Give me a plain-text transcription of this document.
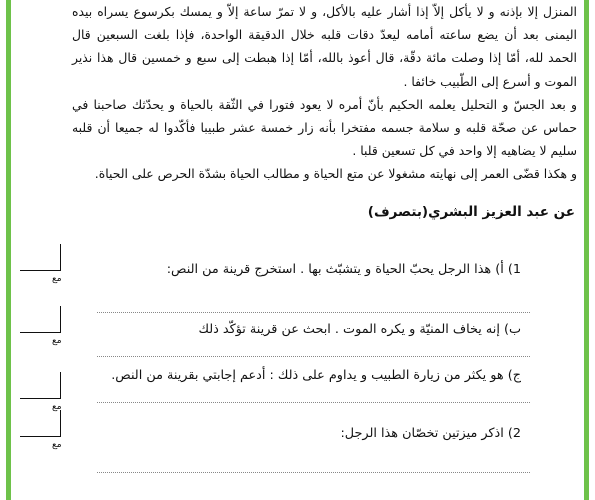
المنزل إلا بإذنه و لا يأكل إلاّ إذا أشار عليه بالأكل، و لا تمرّ ساعة إلاّ و يمسك بكرسوع يسراه بيده اليمنى بعد أن يضع ساعته أمامه ليعدّ دقات قلبه خلال الدقيقة الواحدة، فإذا بلغت السبعين قال الحمد لله، أمّا إذا وصلت مائة دقّة، قال أعوذ بالله، أمّا إذا هبطت إلى سبع و خمسين قال هذا نذير الموت و أسرع إلى الطّبيب خائفا .

و بعد الجسّ و التحليل يعلمه الحكيم بأنّ أمره لا يعود فتورا في الثّقة بالحياة و يحدّثك صاحبنا في حماس عن صحّة قلبه و سلامة جسمه مفتخرا بأنه زار خمسة عشر طبيبا فأكّدوا له جميعا أن قلبه سليم لا يضاهيه إلا واحد في كل تسعين قلبا .

و هكذا قضّى العمر إلى نهايته مشغولا عن متع الحياة و مطالب الحياة بشدّة الحرص على الحياة.

عن عبد العزيز البشري(بتصرف)
مع
مع
مع
مع
1) أ) هذا الرجل يحبّ الحياة و يتشبّث بها . استخرج قرينة من النص:
ب) إنه يخاف المنيّة و يكره الموت . ابحث عن قرينة تؤكّد ذلك
ج) هو يكثر من زيارة الطبيب و يداوم على ذلك : أدعم إجابتي بقرينة من النص.
2) اذكر ميزتين تخصّان هذا الرجل:
